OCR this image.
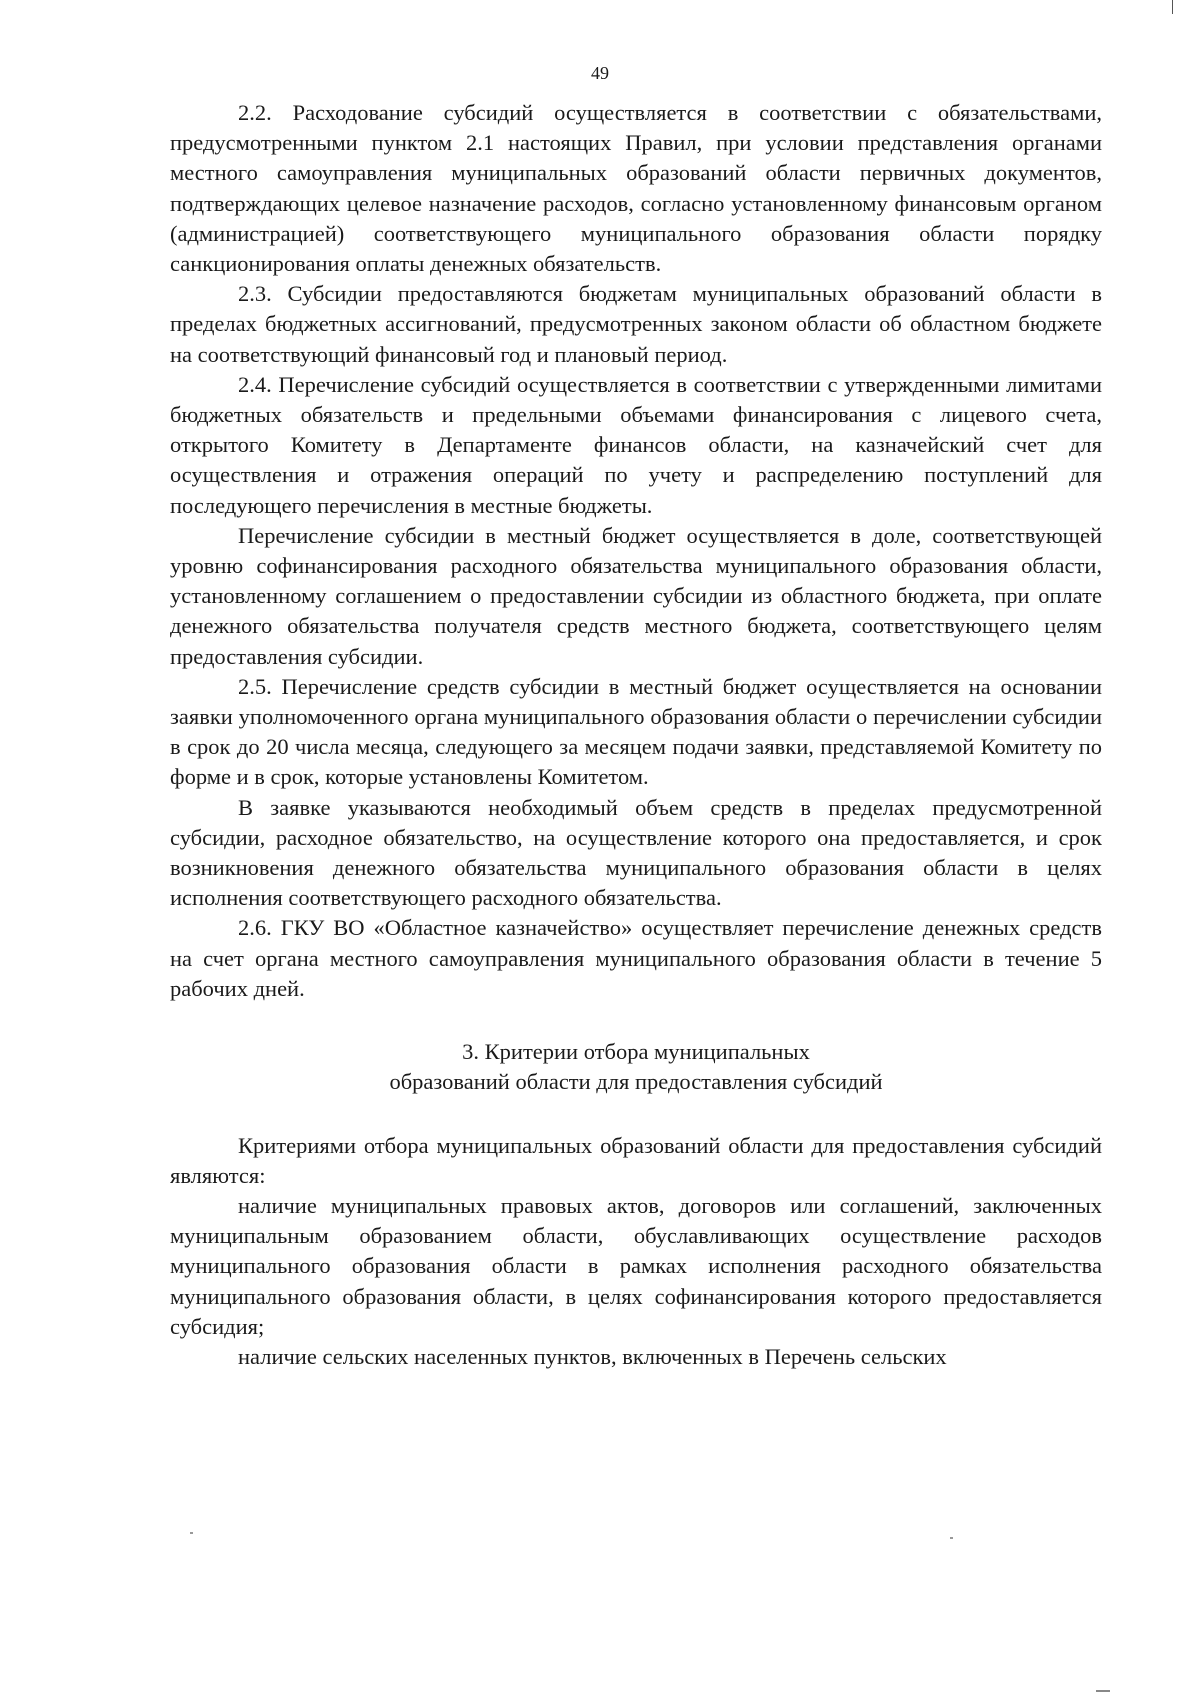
49

2.2. Расходование субсидий осуществляется в соответствии с обязательствами, предусмотренными пунктом 2.1 настоящих Правил, при условии представления органами местного самоуправления муниципальных образований области первичных документов, подтверждающих целевое назначение расходов, согласно установленному финансовым органом (администрацией) соответствующего муниципального образования области порядку санкционирования оплаты денежных обязательств.

2.3. Субсидии предоставляются бюджетам муниципальных образований области в пределах бюджетных ассигнований, предусмотренных законом области об областном бюджете на соответствующий финансовый год и плановый период.

2.4. Перечисление субсидий осуществляется в соответствии с утвержденными лимитами бюджетных обязательств и предельными объемами финансирования с лицевого счета, открытого Комитету в Департаменте финансов области, на казначейский счет для осуществления и отражения операций по учету и распределению поступлений для последующего перечисления в местные бюджеты.

Перечисление субсидии в местный бюджет осуществляется в доле, соответствующей уровню софинансирования расходного обязательства муниципального образования области, установленному соглашением о предоставлении субсидии из областного бюджета, при оплате денежного обязательства получателя средств местного бюджета, соответствующего целям предоставления субсидии.

2.5. Перечисление средств субсидии в местный бюджет осуществляется на основании заявки уполномоченного органа муниципального образования области о перечислении субсидии в срок до 20 числа месяца, следующего за месяцем подачи заявки, представляемой Комитету по форме и в срок, которые установлены Комитетом.

В заявке указываются необходимый объем средств в пределах предусмотренной субсидии, расходное обязательство, на осуществление которого она предоставляется, и срок возникновения денежного обязательства муниципального образования области в целях исполнения соответствующего расходного обязательства.

2.6. ГКУ ВО «Областное казначейство» осуществляет перечисление денежных средств на счет органа местного самоуправления муниципального образования области в течение 5 рабочих дней.

3. Критерии отбора муниципальных
образований области для предоставления субсидий

Критериями отбора муниципальных образований области для предоставления субсидий являются:

наличие муниципальных правовых актов, договоров или соглашений, заключенных муниципальным образованием области, обуславливающих осуществление расходов муниципального образования области в рамках исполнения расходного обязательства муниципального образования области, в целях софинансирования которого предоставляется субсидия;

наличие сельских населенных пунктов, включенных в Перечень сельских
